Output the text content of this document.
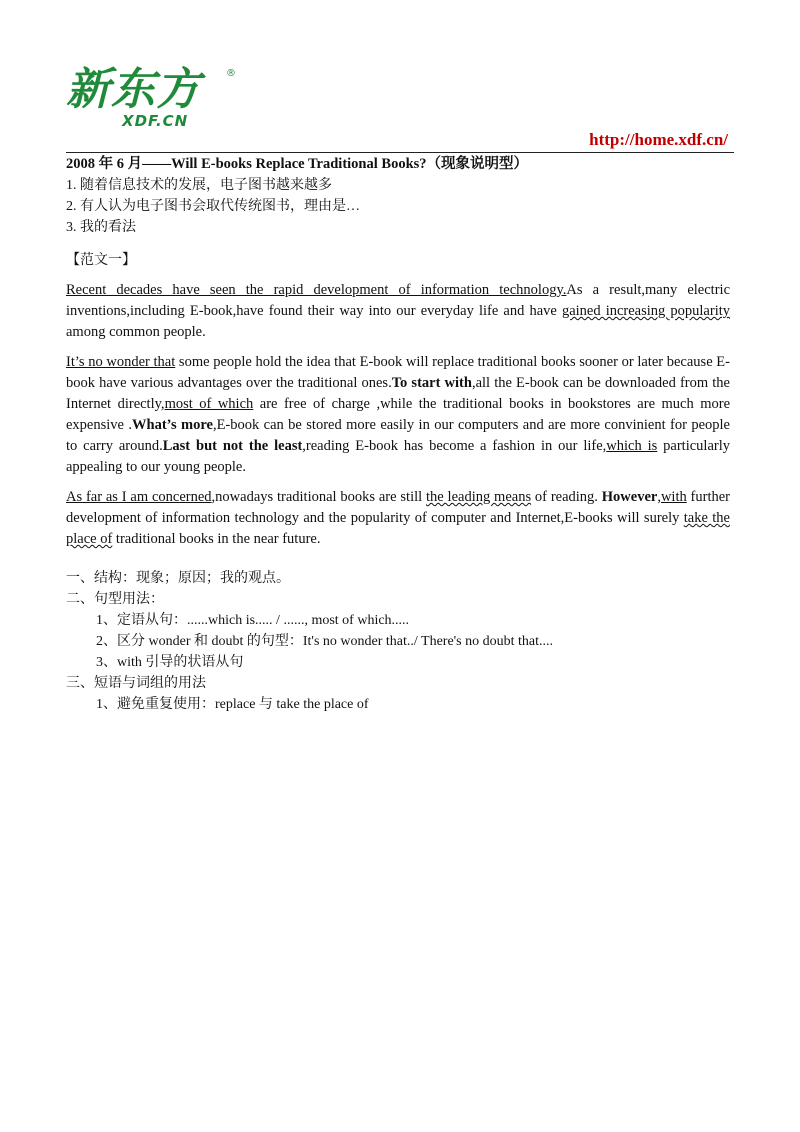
新东方	®
XDF.CN
http://home.xdf.cn/
2008 年 6 月——Will E-books Replace Traditional Books?（现象说明型）
1. 随着信息技术的发展，电子图书越来越多
2. 有人认为电子图书会取代传统图书，理由是…
3. 我的看法
【范文一】

Recent decades have seen the rapid development of information technology.As a result,many electric inventions,including E-book,have found their way into our everyday life and have gained increasing popularity among common people.

It’s no wonder that some people hold the idea that E-book will replace traditional books sooner or later because E-book have various advantages over the traditional ones.To start with,all the E-book can be downloaded from the Internet directly,most of which are free of charge ,while the traditional books in bookstores are much more expensive .What’s more,E-book can be stored more easily in our computers and are more convinient for people to carry around.Last but not the least,reading E-book has become a fashion in our life,which is particularly appealing to our young people.

As far as I am concerned,nowadays traditional books are still the leading means of reading. However,with further development of information technology and the popularity of computer and Internet,E-books will surely take the place of traditional books in the near future.

一、结构：现象；原因；我的观点。
二、句型用法：
1、定语从句：......which is..... / ......, most of which.....
2、区分 wonder 和 doubt 的句型：It's no wonder that../ There's no doubt that....
3、with 引导的状语从句
三、短语与词组的用法
1、避免重复使用：replace 与 take the place of
